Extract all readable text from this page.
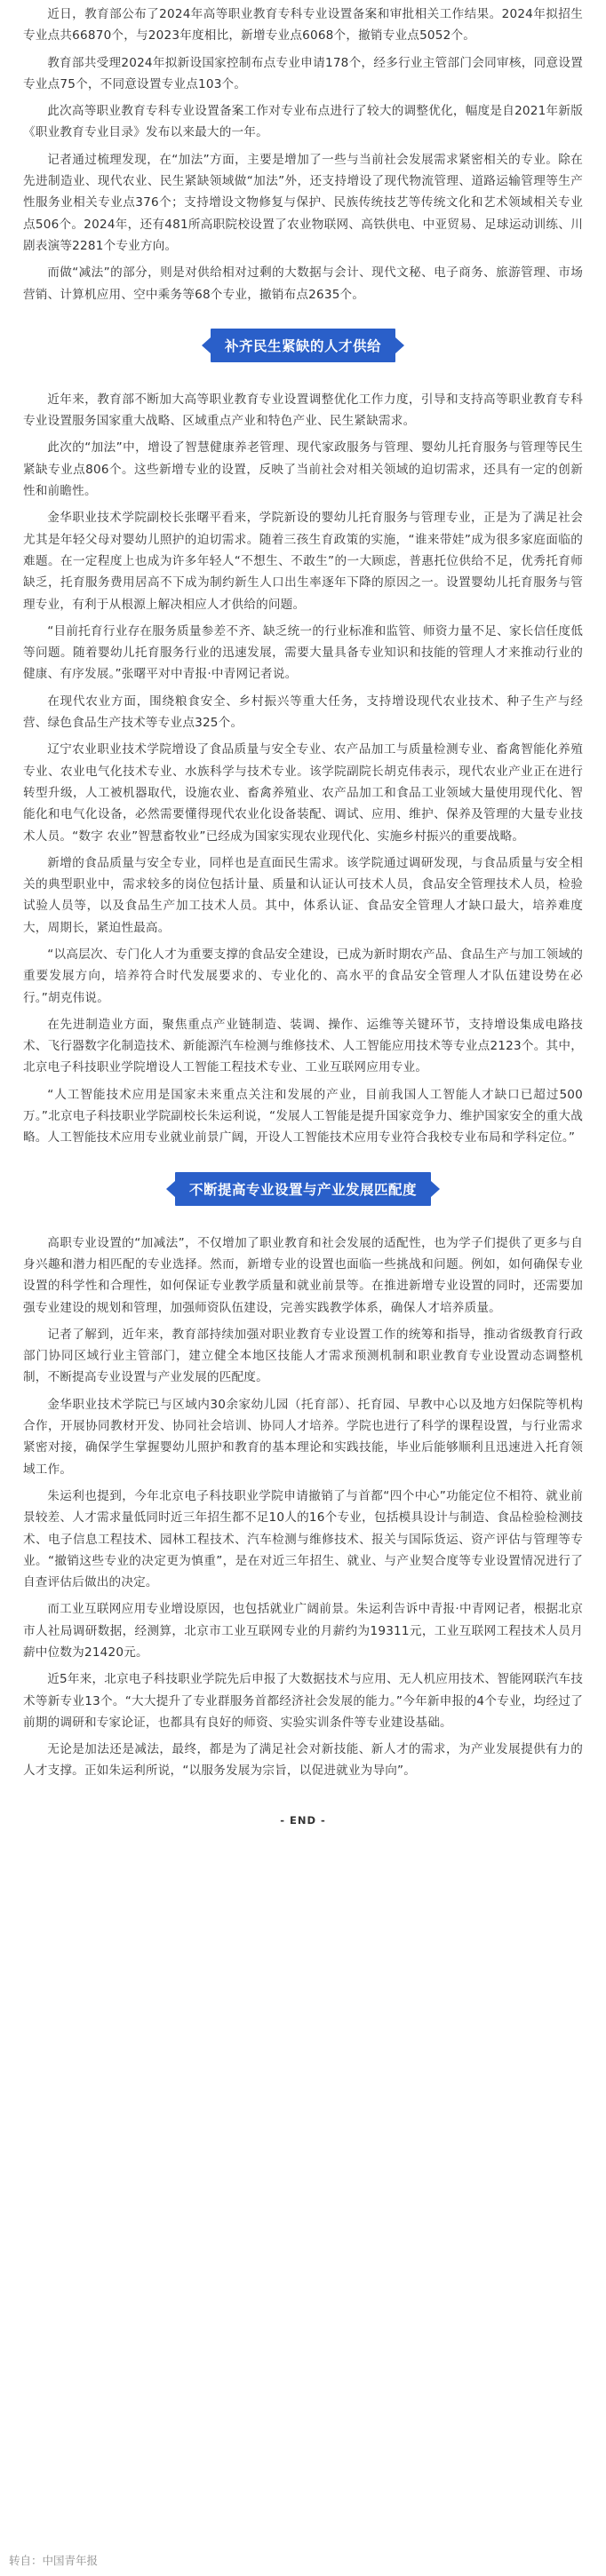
近日，教育部公布了2024年高等职业教育专科专业设置备案和审批相关工作结果。2024年拟招生专业点共66870个，与2023年度相比，新增专业点6068个，撤销专业点5052个。

教育部共受理2024年拟新设国家控制布点专业申请178个，经多行业主管部门会同审核，同意设置专业点75个，不同意设置专业点103个。

此次高等职业教育专科专业设置备案工作对专业布点进行了较大的调整优化，幅度是自2021年新版《职业教育专业目录》发布以来最大的一年。

记者通过梳理发现，在“加法”方面，主要是增加了一些与当前社会发展需求紧密相关的专业。除在先进制造业、现代农业、民生紧缺领域做“加法”外，还支持增设了现代物流管理、道路运输管理等生产性服务业相关专业点376个；支持增设文物修复与保护、民族传统技艺等传统文化和艺术领域相关专业点506个。2024年，还有481所高职院校设置了农业物联网、高铁供电、中亚贸易、足球运动训练、川剧表演等2281个专业方向。

而做“减法”的部分，则是对供给相对过剩的大数据与会计、现代文秘、电子商务、旅游管理、市场营销、计算机应用、空中乘务等68个专业，撤销布点2635个。

补齐民生紧缺的人才供给

近年来，教育部不断加大高等职业教育专业设置调整优化工作力度，引导和支持高等职业教育专科专业设置服务国家重大战略、区域重点产业和特色产业、民生紧缺需求。

此次的“加法”中，增设了智慧健康养老管理、现代家政服务与管理、婴幼儿托育服务与管理等民生紧缺专业点806个。这些新增专业的设置，反映了当前社会对相关领域的迫切需求，还具有一定的创新性和前瞻性。

金华职业技术学院副校长张曙平看来，学院新设的婴幼儿托育服务与管理专业，正是为了满足社会尤其是年轻父母对婴幼儿照护的迫切需求。随着三孩生育政策的实施，“谁来带娃”成为很多家庭面临的难题。在一定程度上也成为许多年轻人“不想生、不敢生”的一大顾虑，普惠托位供给不足，优秀托育师缺乏，托育服务费用居高不下成为制约新生人口出生率逐年下降的原因之一。设置婴幼儿托育服务与管理专业，有利于从根源上解决相应人才供给的问题。

“目前托育行业存在服务质量参差不齐、缺乏统一的行业标准和监管、师资力量不足、家长信任度低等问题。随着婴幼儿托育服务行业的迅速发展，需要大量具备专业知识和技能的管理人才来推动行业的健康、有序发展。”张曙平对中青报·中青网记者说。

在现代农业方面，围绕粮食安全、乡村振兴等重大任务，支持增设现代农业技术、种子生产与经营、绿色食品生产技术等专业点325个。

辽宁农业职业技术学院增设了食品质量与安全专业、农产品加工与质量检测专业、畜禽智能化养殖专业、农业电气化技术专业、水族科学与技术专业。该学院副院长胡克伟表示，现代农业产业正在进行转型升级，人工被机器取代，设施农业、畜禽养殖业、农产品加工和食品工业领域大量使用现代化、智能化和电气化设备，必然需要懂得现代农业化设备装配、调试、应用、维护、保养及管理的大量专业技术人员。“数字 农业”智慧畜牧业”已经成为国家实现农业现代化、实施乡村振兴的重要战略。

新增的食品质量与安全专业，同样也是直面民生需求。该学院通过调研发现，与食品质量与安全相关的典型职业中，需求较多的岗位包括计量、质量和认证认可技术人员，食品安全管理技术人员，检验试验人员等，以及食品生产加工技术人员。其中，体系认证、食品安全管理人才缺口最大，培养难度大，周期长，紧迫性最高。

“以高层次、专门化人才为重要支撑的食品安全建设，已成为新时期农产品、食品生产与加工领域的重要发展方向，培养符合时代发展要求的、专业化的、高水平的食品安全管理人才队伍建设势在必行。”胡克伟说。

在先进制造业方面，聚焦重点产业链制造、装调、操作、运维等关键环节，支持增设集成电路技术、飞行器数字化制造技术、新能源汽车检测与维修技术、人工智能应用技术等专业点2123个。其中，北京电子科技职业学院增设人工智能工程技术专业、工业互联网应用专业。

“人工智能技术应用是国家未来重点关注和发展的产业，目前我国人工智能人才缺口已超过500万。”北京电子科技职业学院副校长朱运利说，“发展人工智能是提升国家竞争力、维护国家安全的重大战略。人工智能技术应用专业就业前景广阔，开设人工智能技术应用专业符合我校专业布局和学科定位。”

不断提高专业设置与产业发展匹配度

高职专业设置的“加减法”，不仅增加了职业教育和社会发展的适配性，也为学子们提供了更多与自身兴趣和潜力相匹配的专业选择。然而，新增专业的设置也面临一些挑战和问题。例如，如何确保专业设置的科学性和合理性，如何保证专业教学质量和就业前景等。在推进新增专业设置的同时，还需要加强专业建设的规划和管理，加强师资队伍建设，完善实践教学体系，确保人才培养质量。

记者了解到，近年来，教育部持续加强对职业教育专业设置工作的统筹和指导，推动省级教育行政部门协同区域行业主管部门，建立健全本地区技能人才需求预测机制和职业教育专业设置动态调整机制，不断提高专业设置与产业发展的匹配度。

金华职业技术学院已与区域内30余家幼儿园（托育部）、托育园、早教中心以及地方妇保院等机构合作，开展协同教材开发、协同社会培训、协同人才培养。学院也进行了科学的课程设置，与行业需求紧密对接，确保学生掌握婴幼儿照护和教育的基本理论和实践技能，毕业后能够顺利且迅速进入托育领域工作。

朱运利也提到，今年北京电子科技职业学院申请撤销了与首都“四个中心”功能定位不相符、就业前景较差、人才需求量低同时近三年招生都不足10人的16个专业，包括模具设计与制造、食品检验检测技术、电子信息工程技术、园林工程技术、汽车检测与维修技术、报关与国际货运、资产评估与管理等专业。“撤销这些专业的决定更为慎重”，是在对近三年招生、就业、与产业契合度等专业设置情况进行了自查评估后做出的决定。

而工业互联网应用专业增设原因，也包括就业广阔前景。朱运利告诉中青报·中青网记者，根据北京市人社局调研数据，经测算，北京市工业互联网专业的月薪约为19311元，工业互联网工程技术人员月薪中位数为21420元。

近5年来，北京电子科技职业学院先后申报了大数据技术与应用、无人机应用技术、智能网联汽车技术等新专业13个。“大大提升了专业群服务首都经济社会发展的能力。”今年新申报的4个专业，均经过了前期的调研和专家论证，也都具有良好的师资、实验实训条件等专业建设基础。

无论是加法还是减法，最终，都是为了满足社会对新技能、新人才的需求，为产业发展提供有力的人才支撑。正如朱运利所说，“以服务发展为宗旨，以促进就业为导向”。

- END -
转自：中国青年报
